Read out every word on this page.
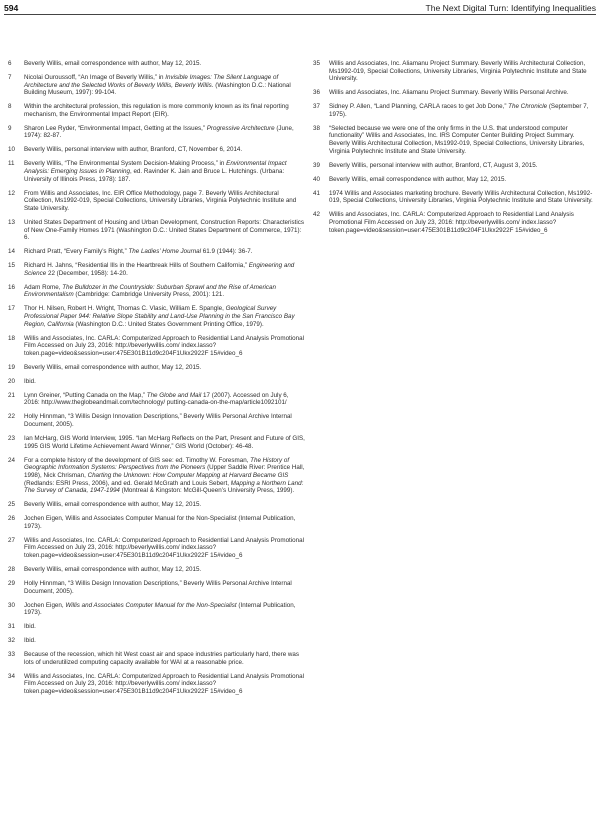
594	The Next Digital Turn: Identifying Inequalities
6	Beverly Willis, email correspondence with author, May 12, 2015.
7	Nicolai Ouroussoff, “An Image of Beverly Willis,” in Invisible Images: The Silent Language of Architecture and the Selected Works of Beverly Willis, Beverly Willis. (Washington D.C.: National Building Museum, 1997): 99-104.
8	Within the architectural profession, this regulation is more commonly known as its final reporting mechanism, the Environmental Impact Report (EIR).
9	Sharon Lee Ryder, “Environmental Impact, Getting at the Issues,” Progressive Architecture (June, 1974): 82-87.
10	Beverly Willis, personal interview with author, Branford, CT, November 6, 2014.
11	Beverly Willis, “The Environmental System Decision-Making Process,” in Environmental Impact Analysis: Emerging Issues in Planning, ed. Ravinder K. Jain and Bruce L. Hutchings. (Urbana: University of Illinois Press, 1978): 187.
12	From Willis and Associates, Inc. EIR Office Methodology, page 7. Beverly Willis Architectural Collection, Ms1992-019, Special Collections, University Libraries, Virginia Polytechnic Institute and State University.
13	United States Department of Housing and Urban Development, Construction Reports: Characteristics of New One-Family Homes 1971 (Washington D.C.: United States Department of Commerce, 1971): 6.
14	Richard Pratt, “Every Family’s Right,” The Ladies’ Home Journal 61.9 (1944): 36-7.
15	Richard H. Jahns, “Residential Ills in the Heartbreak Hills of Southern California,” Engineering and Science 22 (December, 1958): 14-20.
16	Adam Rome, The Bulldozer in the Countryside: Suburban Sprawl and the Rise of American Environmentalism (Cambridge: Cambridge University Press, 2001): 121.
17	Thor H. Nilsen, Robert H. Wright, Thomas C. Vlasic, William E. Spangle, Geological Survey Professional Paper 944: Relative Slope Stability and Land-Use Planning in the San Francisco Bay Region, California (Washington D.C.: United States Government Printing Office, 1979).
18	Willis and Associates, Inc. CARLA: Computerized Approach to Residential Land Analysis Promotional Film Accessed on July 23, 2016: http://beverlywillis.com/ index.lasso?token.page=video&session=user:475E301B11d9c204F1Ukx2922F 15#video_6
19	Beverly Willis, email correspondence with author, May 12, 2015.
20	Ibid.
21	Lynn Greiner, “Putting Canada on the Map,” The Globe and Mail 17 (2007). Accessed on July 6, 2016: http://www.theglobeandmail.com/technology/ putting-canada-on-the-map/article1092101/
22	Holly Hinnman, “3 Willis Design Innovation Descriptions,” Beverly Willis Personal Archive Internal Document, 2005).
23	Ian McHarg, GIS World Interview, 1995. “Ian McHarg Reflects on the Part, Present and Future of GIS, 1995 GIS World Lifetime Achievement Award Winner,” GIS World (October): 46-48.
24	For a complete history of the development of GIS see: ed. Timothy W. Foresman, The History of Geographic Information Systems: Perspectives from the Pioneers (Upper Saddle River: Prentice Hall, 1998), Nick Chrisman, Charting the Unknown: How Computer Mapping at Harvard Became GIS (Redlands: ESRI Press, 2006), and ed. Gerald McGrath and Louis Sebert, Mapping a Northern Land: The Survey of Canada, 1947-1994 (Montreal & Kingston: McGill-Queen’s University Press, 1999).
25	Beverly Willis, email correspondence with author, May 12, 2015.
26	Jochen Eigen, Willis and Associates Computer Manual for the Non-Specialist (Internal Publication, 1973).
27	Willis and Associates, Inc. CARLA: Computerized Approach to Residential Land Analysis Promotional Film Accessed on July 23, 2016: http://beverlywillis.com/ index.lasso?token.page=video&session=user:475E301B11d9c204F1Ukx2922F 15#video_6
28	Beverly Willis, email correspondence with author, May 12, 2015.
29	Holly Hinnman, “3 Willis Design Innovation Descriptions,” Beverly Willis Personal Archive Internal Document, 2005).
30	Jochen Eigen, Willis and Associates Computer Manual for the Non-Specialist (Internal Publication, 1973).
31	Ibid.
32	Ibid.
33	Because of the recession, which hit West coast air and space industries particularly hard, there was lots of underutilized computing capacity available for WAI at a reasonable price.
34	Willis and Associates, Inc. CARLA: Computerized Approach to Residential Land Analysis Promotional Film Accessed on July 23, 2016: http://beverlywillis.com/ index.lasso?token.page=video&session=user:475E301B11d9c204F1Ukx2922F 15#video_6
35	Willis and Associates, Inc. Aliamanu Project Summary. Beverly Willis Architectural Collection, Ms1992-019, Special Collections, University Libraries, Virginia Polytechnic Institute and State University.
36	Willis and Associates, Inc. Aliamanu Project Summary. Beverly Willis Personal Archive.
37	Sidney P. Allen, “Land Planning, CARLA races to get Job Done,” The Chronicle (September 7, 1975).
38	“Selected because we were one of the only firms in the U.S. that understood computer functionality” Willis and Associates, Inc. IRS Computer Center Building Project Summary. Beverly Willis Architectural Collection, Ms1992-019, Special Collections, University Libraries, Virginia Polytechnic Institute and State University.
39	Beverly Willis, personal interview with author, Branford, CT, August 3, 2015.
40	Beverly Willis, email correspondence with author, May 12, 2015.
41	1974 Willis and Associates marketing brochure. Beverly Willis Architectural Collection, Ms1992-019, Special Collections, University Libraries, Virginia Polytechnic Institute and State University.
42	Willis and Associates, Inc. CARLA: Computerized Approach to Residential Land Analysis Promotional Film Accessed on July 23, 2016: http://beverlywillis.com/ index.lasso?token.page=video&session=user:475E301B11d9c204F1Ukx2922F 15#video_6
